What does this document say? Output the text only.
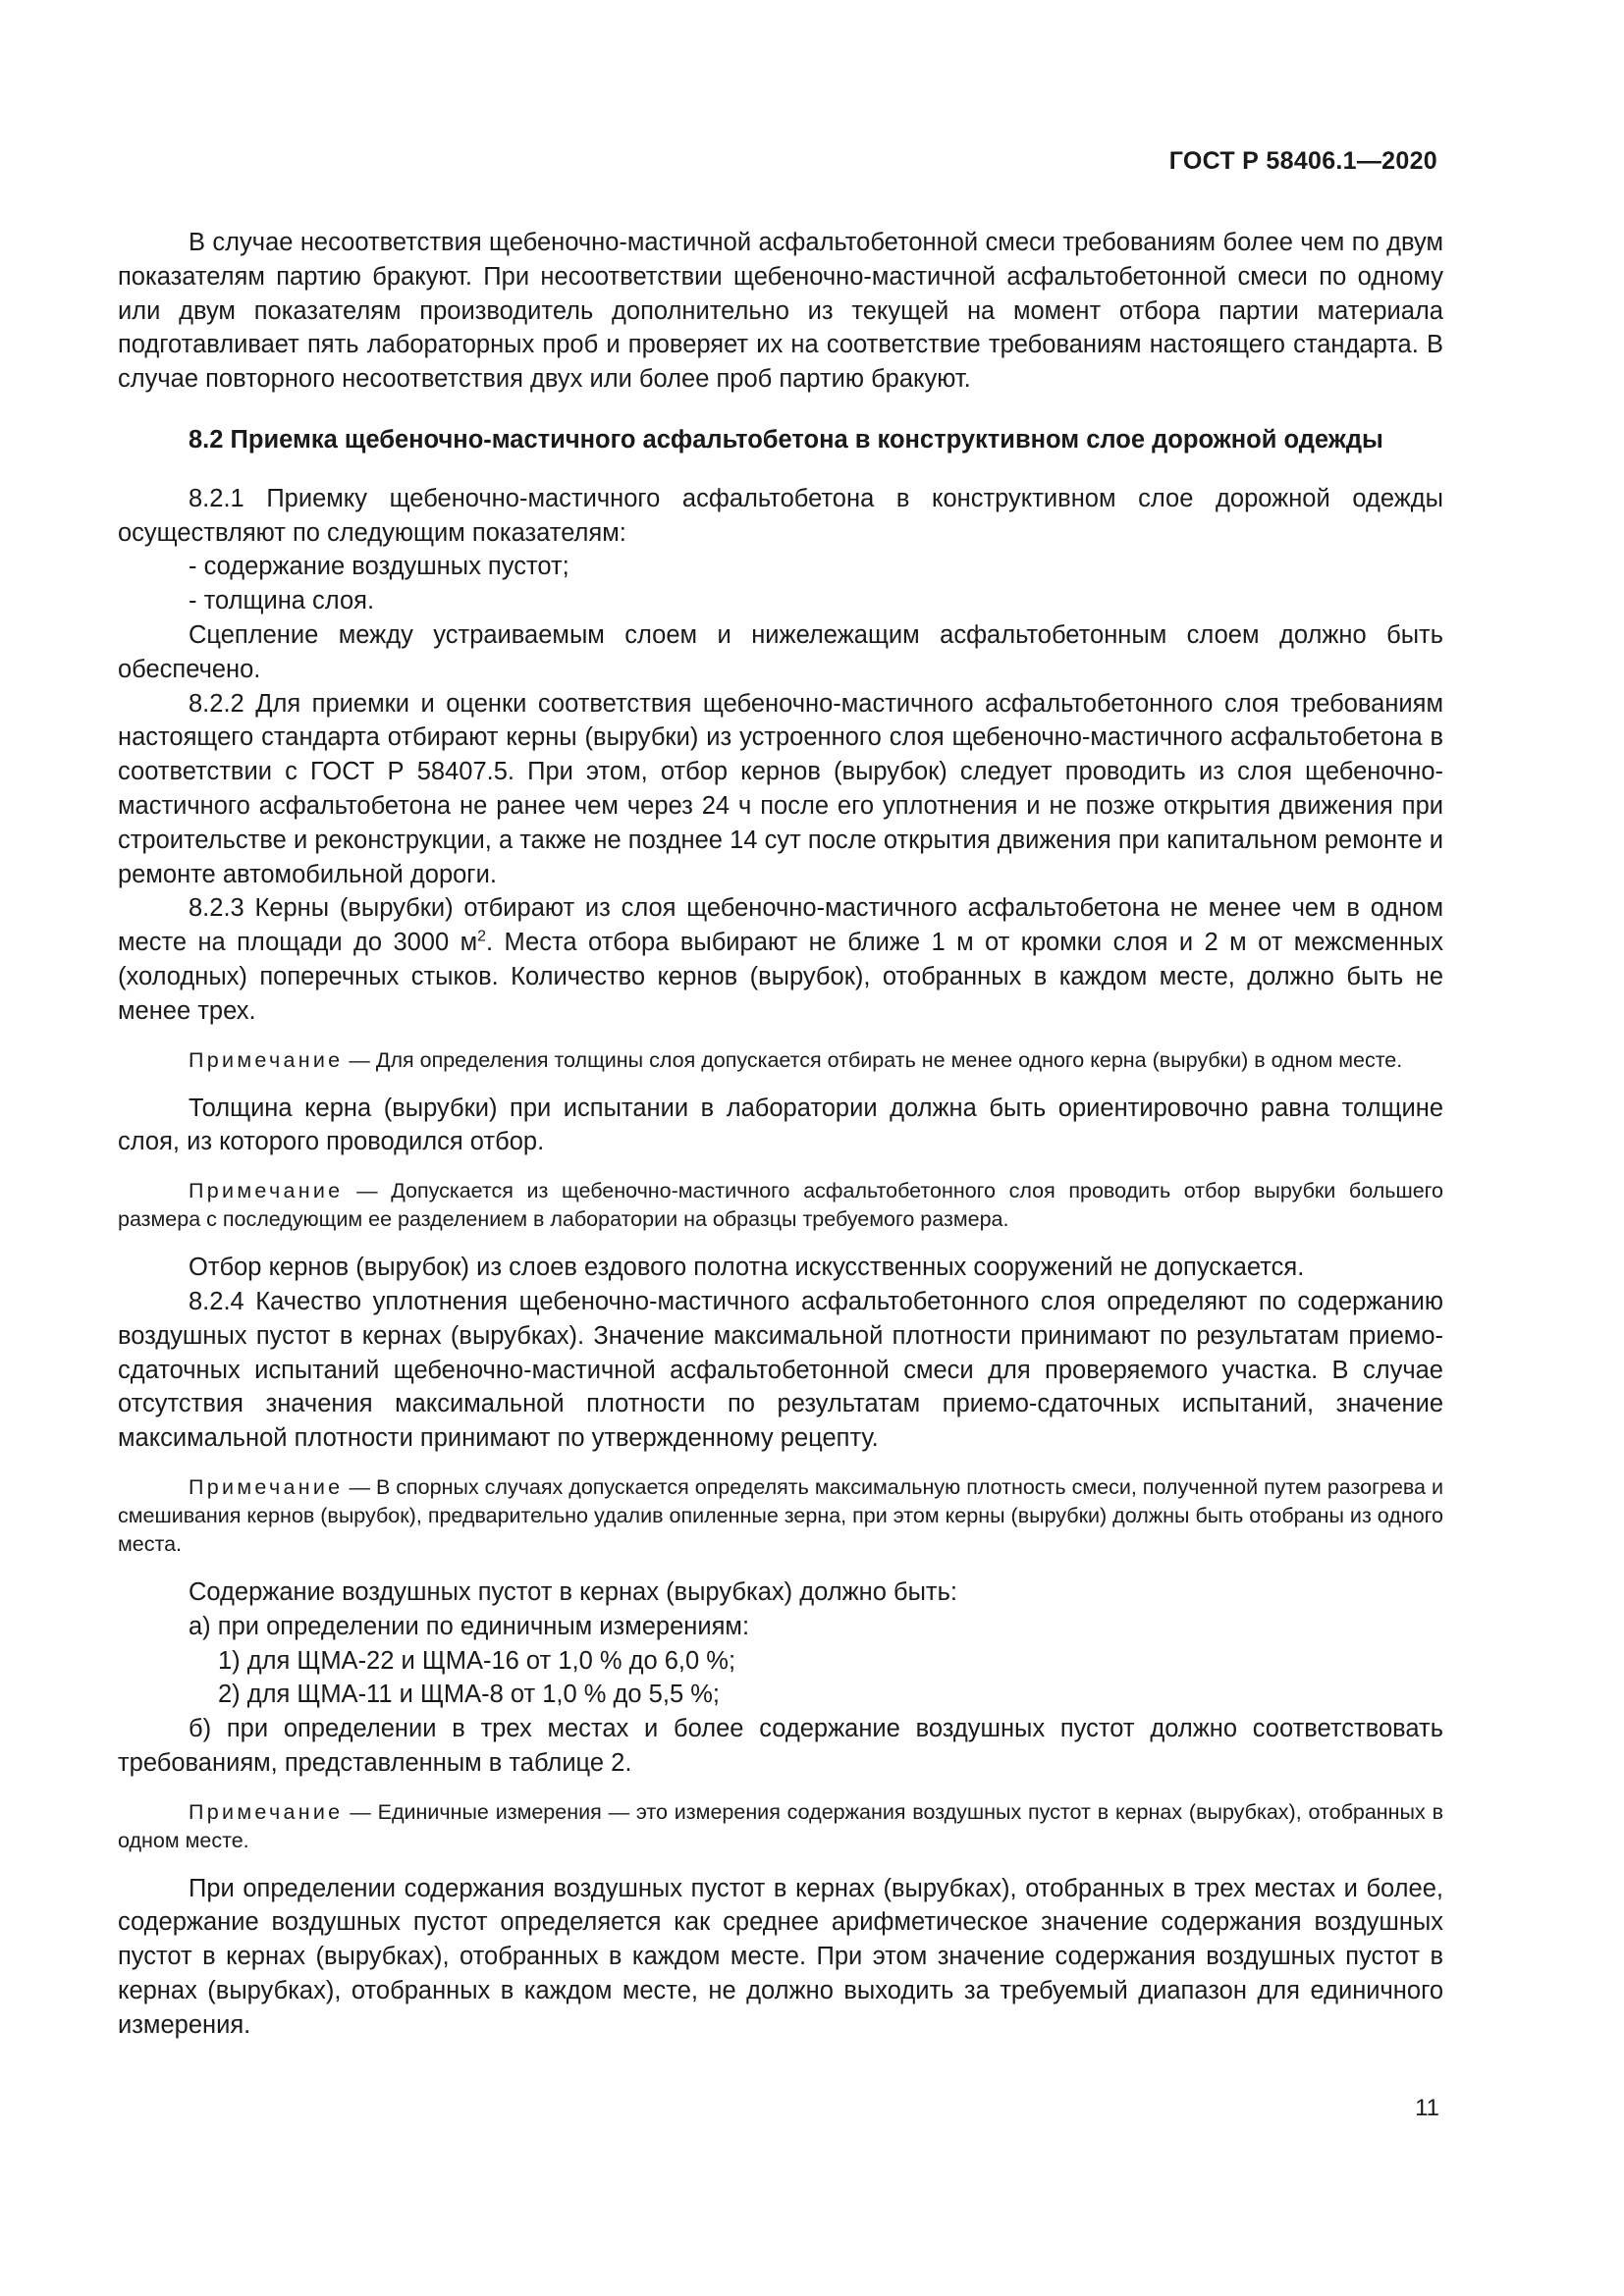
ГОСТ Р 58406.1—2020

В случае несоответствия щебеночно-мастичной асфальтобетонной смеси требованиям более чем по двум показателям партию бракуют. При несоответствии щебеночно-мастичной асфальтобетонной смеси по одному или двум показателям производитель дополнительно из текущей на момент отбора партии материала подготавливает пять лабораторных проб и проверяет их на соответствие требованиям настоящего стандарта. В случае повторного несоответствия двух или более проб партию бракуют.

8.2 Приемка щебеночно-мастичного асфальтобетона в конструктивном слое дорожной одежды

8.2.1 Приемку щебеночно-мастичного асфальтобетона в конструктивном слое дорожной одежды осуществляют по следующим показателям:

- содержание воздушных пустот;

- толщина слоя.

Сцепление между устраиваемым слоем и нижележащим асфальтобетонным слоем должно быть обеспечено.

8.2.2 Для приемки и оценки соответствия щебеночно-мастичного асфальтобетонного слоя требованиям настоящего стандарта отбирают керны (вырубки) из устроенного слоя щебеночно-мастичного асфальтобетона в соответствии с ГОСТ Р 58407.5. При этом, отбор кернов (вырубок) следует проводить из слоя щебеночно-мастичного асфальтобетона не ранее чем через 24 ч после его уплотнения и не позже открытия движения при строительстве и реконструкции, а также не позднее 14 сут после открытия движения при капитальном ремонте и ремонте автомобильной дороги.

8.2.3 Керны (вырубки) отбирают из слоя щебеночно-мастичного асфальтобетона не менее чем в одном месте на площади до 3000 $м^2$. Места отбора выбирают не ближе 1 м от кромки слоя и 2 м от межсменных (холодных) поперечных стыков. Количество кернов (вырубок), отобранных в каждом месте, должно быть не менее трех.

Примечание — Для определения толщины слоя допускается отбирать не менее одного керна (вырубки) в одном месте.

Толщина керна (вырубки) при испытании в лаборатории должна быть ориентировочно равна толщине слоя, из которого проводился отбор.

Примечание — Допускается из щебеночно-мастичного асфальтобетонного слоя проводить отбор вырубки большего размера с последующим ее разделением в лаборатории на образцы требуемого размера.

Отбор кернов (вырубок) из слоев ездового полотна искусственных сооружений не допускается.

8.2.4 Качество уплотнения щебеночно-мастичного асфальтобетонного слоя определяют по содержанию воздушных пустот в кернах (вырубках). Значение максимальной плотности принимают по результатам приемо-сдаточных испытаний щебеночно-мастичной асфальтобетонной смеси для проверяемого участка. В случае отсутствия значения максимальной плотности по результатам приемо-сдаточных испытаний, значение максимальной плотности принимают по утвержденному рецепту.

Примечание — В спорных случаях допускается определять максимальную плотность смеси, полученной путем разогрева и смешивания кернов (вырубок), предварительно удалив опиленные зерна, при этом керны (вырубки) должны быть отобраны из одного места.

Содержание воздушных пустот в кернах (вырубках) должно быть:

а) при определении по единичным измерениям:

1) для ЩМА-22 и ЩМА-16 от 1,0 % до 6,0 %;

2) для ЩМА-11 и ЩМА-8 от 1,0 % до 5,5 %;

б) при определении в трех местах и более содержание воздушных пустот должно соответствовать требованиям, представленным в таблице 2.

Примечание — Единичные измерения — это измерения содержания воздушных пустот в кернах (вырубках), отобранных в одном месте.

При определении содержания воздушных пустот в кернах (вырубках), отобранных в трех местах и более, содержание воздушных пустот определяется как среднее арифметическое значение содержания воздушных пустот в кернах (вырубках), отобранных в каждом месте. При этом значение содержания воздушных пустот в кернах (вырубках), отобранных в каждом месте, не должно выходить за требуемый диапазон для единичного измерения.

11
